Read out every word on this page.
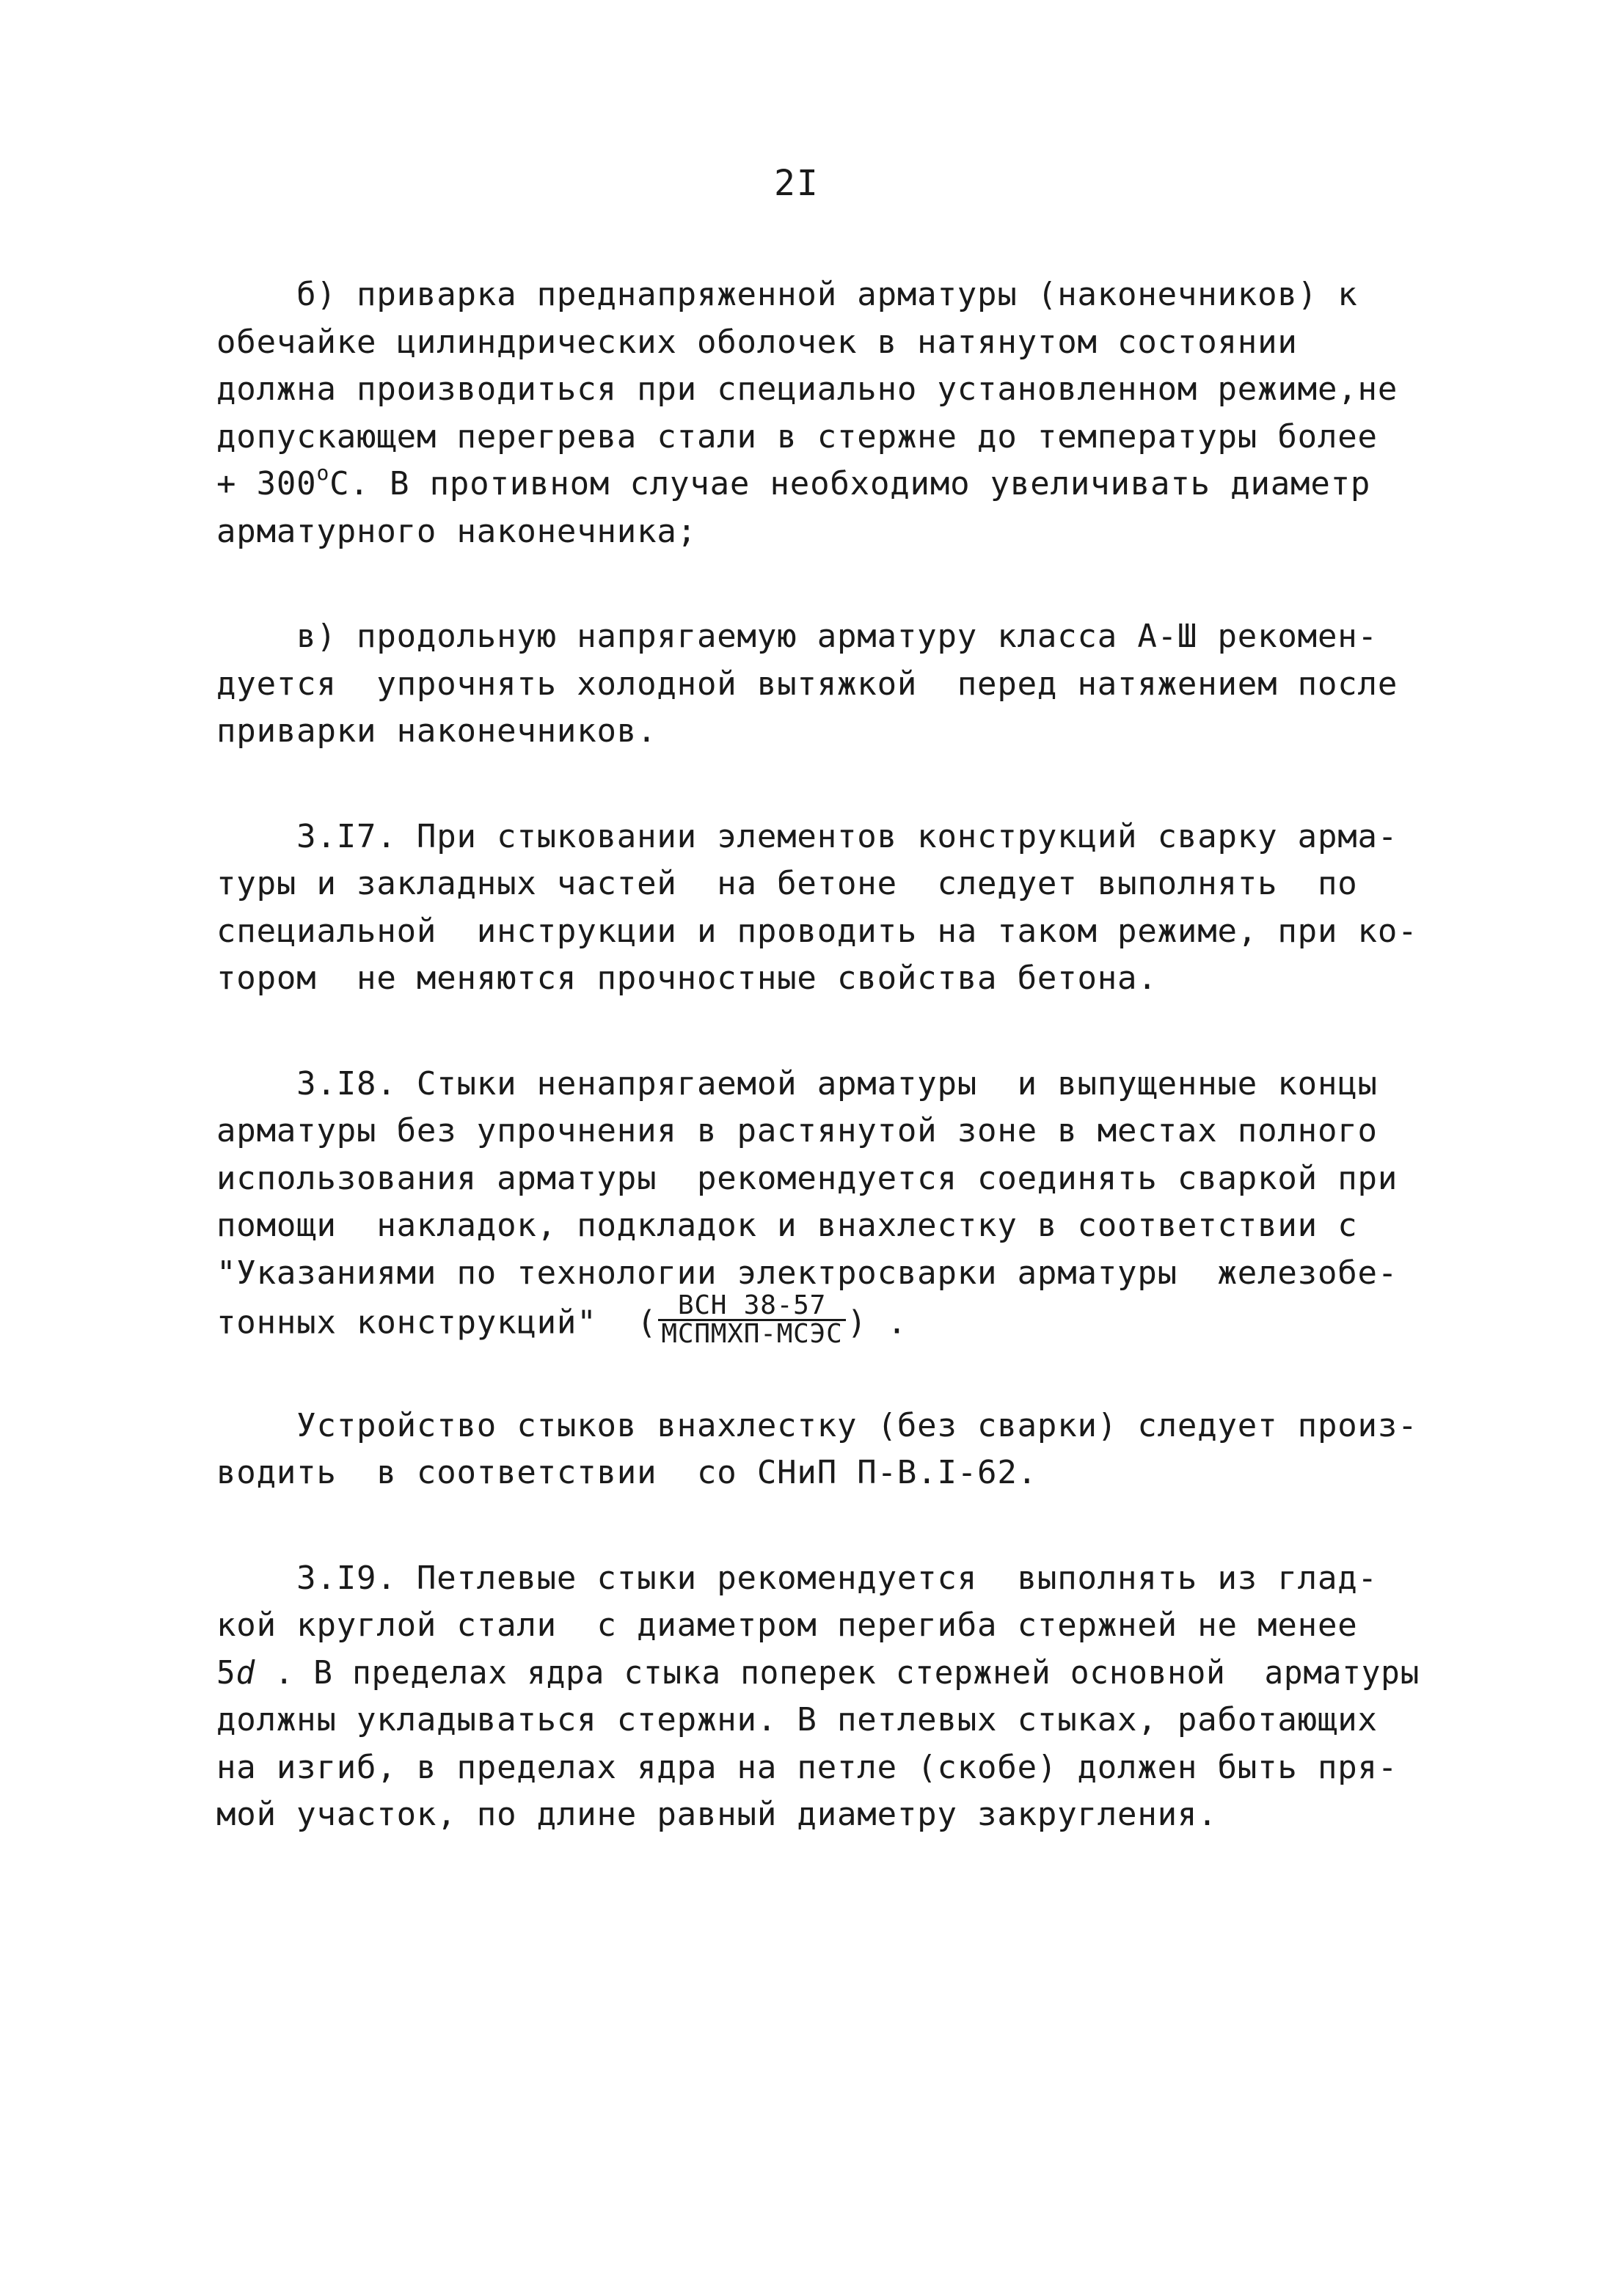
2I
б) приварка преднапряженной арматуры (наконечников) к
обечайке цилиндрических оболочек в натянутом состоянии
должна производиться при специально установленном режиме,не
допускающем перегрева стали в стержне до температуры более
+ $300^оС$. В противном случае необходимо увеличивать диаметр
арматурного наконечника;
в) продольную напрягаемую арматуру класса А-Ш рекомен-
дуется  упрочнять холодной вытяжкой  перед натяжением после
приварки наконечников.
3.I7. При стыковании элементов конструкций сварку арма-
туры и закладных частей  на бетоне  следует выполнять  по
специальной  инструкции и проводить на таком режиме, при ко-
тором  не меняются прочностные свойства бетона.
3.I8. Стыки ненапрягаемой арматуры  и выпущенные концы
арматуры без упрочнения в растянутой зоне в местах полного
использования арматуры  рекомендуется соединять сваркой при
помощи  накладок, подкладок и внахлестку в соответствии с
"Указаниями по технологии электросварки арматуры  железобе-
тонных конструкций"  ( $\frac{\text{ВСН 38-57}}{\text{МСПМХП-МСЭС}}$ ) .
Устройство стыков внахлестку (без сварки) следует произ-
водить  в соответствии  со СНиП П-В.I-62.
3.I9. Петлевые стыки рекомендуется  выполнять из глад-
кой круглой стали  с диаметром перегиба стержней не менее
5d . В пределах ядра стыка поперек стержней основной  арматуры
должны укладываться стержни. В петлевых стыках, работающих
на изгиб, в пределах ядра на петле (скобе) должен быть пря-
мой участок, по длине равный диаметру закругления.
